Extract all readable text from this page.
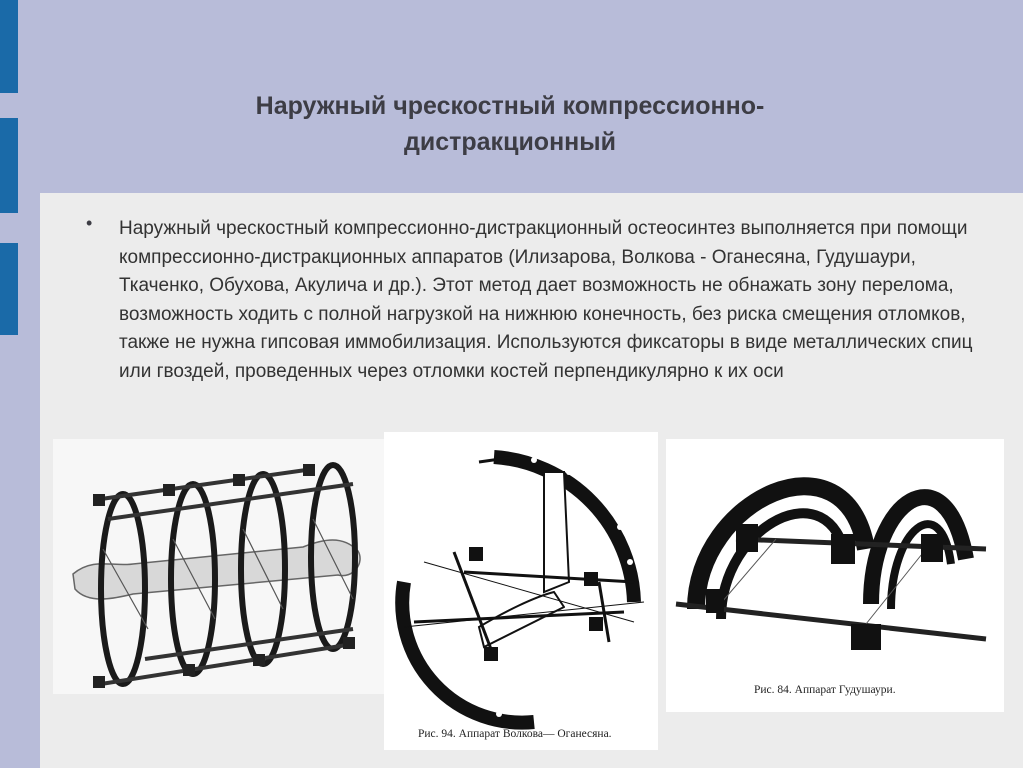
Наружный чрескостный компрессионно-
дистракционный
• Наружный чрескостный компрессионно-дистракционный остеосинтез выполняется при помощи компрессионно-дистракционных аппаратов (Илизарова, Волкова - Оганесяна, Гудушаури, Ткаченко, Обухова, Акулича и др.). Этот метод дает возможность не обнажать зону перелома, возможность ходить с полной нагрузкой на нижнюю конечность, без риска смещения отломков, также не нужна гипсовая иммобилизация. Используются фиксаторы в виде металлических спиц или гвоздей, проведенных через отломки костей перпендикулярно к их оси
Рис. 94. Аппарат Волкова— Оганесяна.
Рис. 84. Аппарат Гудушаури.
